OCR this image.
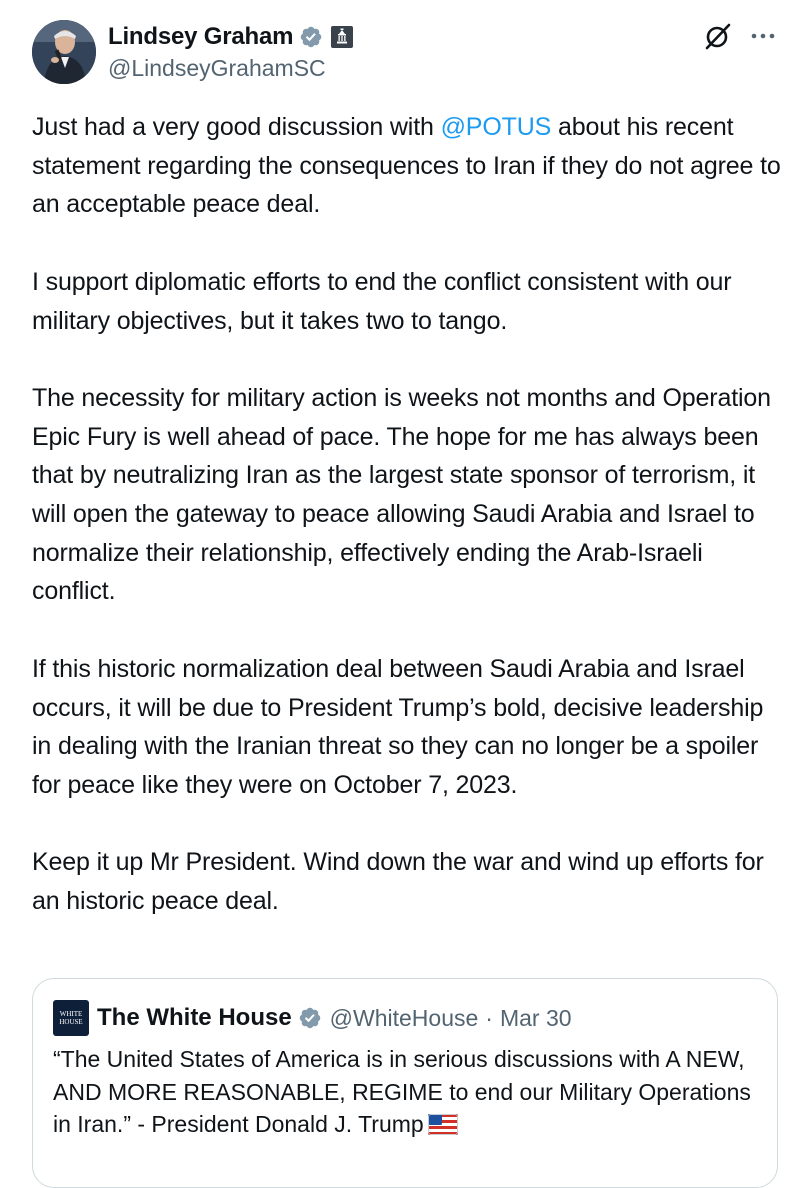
Lindsey Graham
@LindseyGrahamSC

Just had a very good discussion with @POTUS about his recent statement regarding the consequences to Iran if they do not agree to an acceptable peace deal.

I support diplomatic efforts to end the conflict consistent with our military objectives, but it takes two to tango.

The necessity for military action is weeks not months and Operation Epic Fury is well ahead of pace. The hope for me has always been that by neutralizing Iran as the largest state sponsor of terrorism, it will open the gateway to peace allowing Saudi Arabia and Israel to normalize their relationship, effectively ending the Arab-Israeli conflict.

If this historic normalization deal between Saudi Arabia and Israel occurs, it will be due to President Trump’s bold, decisive leadership in dealing with the Iranian threat so they can no longer be a spoiler for peace like they were on October 7, 2023.

Keep it up Mr President. Wind down the war and wind up efforts for an historic peace deal.

WHITE
HOUSE The White House @WhiteHouse · Mar 30
“The United States of America is in serious discussions with A NEW, AND MORE REASONABLE, REGIME to end our Military Operations in Iran.” - President Donald J. Trump
